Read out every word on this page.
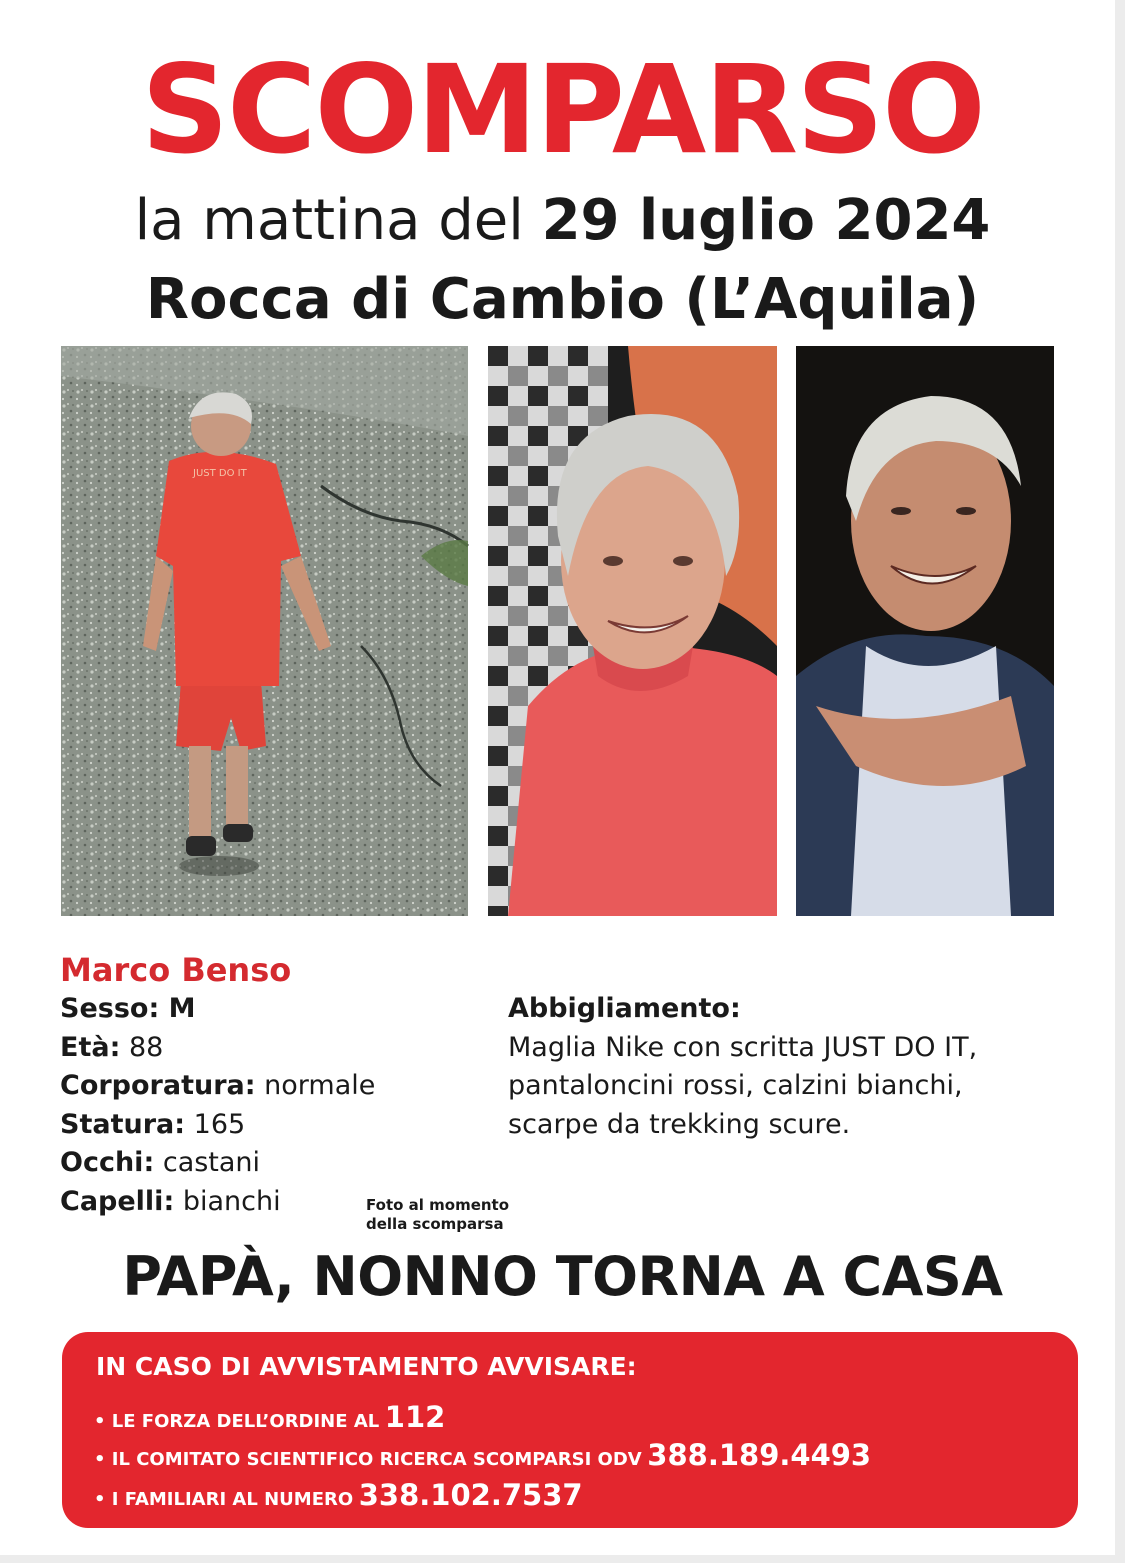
SCOMPARSO
la mattina del 29 luglio 2024
Rocca di Cambio (L’Aquila)
JUST DO IT
Foto al momento
della scomparsa
Marco Benso
Sesso: M
Età: 88
Corporatura: normale
Statura: 165
Occhi: castani
Capelli: bianchi
Abbigliamento:
Maglia Nike con scritta JUST DO IT,
pantaloncini rossi, calzini bianchi,
scarpe da trekking scure.
PAPÀ, NONNO TORNA A CASA
IN CASO DI AVVISTAMENTO AVVISARE:
• LE FORZA DELL’ORDINE AL 112
• IL COMITATO SCIENTIFICO RICERCA SCOMPARSI ODV 388.189.4493
• I FAMILIARI AL NUMERO 338.102.7537
